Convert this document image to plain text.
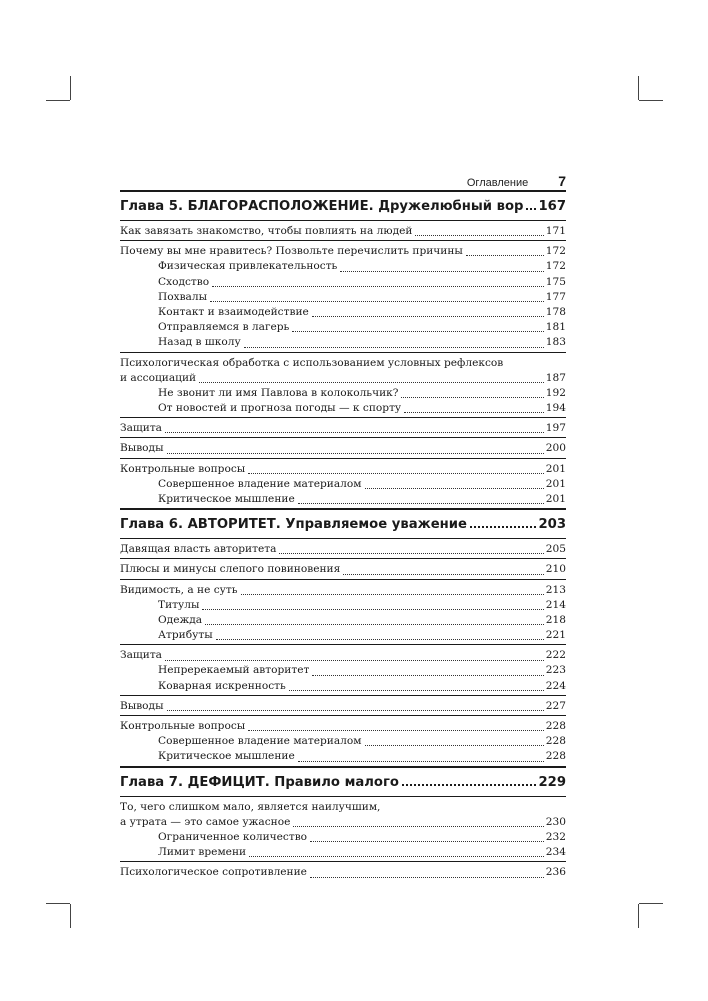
Оглавление 7
Глава 5. БЛАГОРАСПОЛОЖЕНИЕ. Дружелюбный вор 167
Как завязать знакомство, чтобы повлиять на людей	171
Почему вы мне нравитесь? Позвольте перечислить причины	172
Физическая привлекательность	172
Сходство	175
Похвалы	177
Контакт и взаимодействие	178
Отправляемся в лагерь	181
Назад в школу	183
Психологическая обработка с использованием условных рефлексов
и ассоциаций	187
Не звонит ли имя Павлова в колокольчик?	192
От новостей и прогноза погоды — к спорту	194
Защита	197
Выводы	200
Контрольные вопросы	201
Совершенное владение материалом	201
Критическое мышление	201
Глава 6. АВТОРИТЕТ. Управляемое уважение	203
Давящая власть авторитета	205
Плюсы и минусы слепого повиновения	210
Видимость, а не суть	213
Титулы	214
Одежда	218
Атрибуты	221
Защита	222
Непререкаемый авторитет	223
Коварная искренность	224
Выводы	227
Контрольные вопросы	228
Совершенное владение материалом	228
Критическое мышление	228
Глава 7. ДЕФИЦИТ. Правило малого	229
То, чего слишком мало, является наилучшим,
а утрата — это самое ужасное	230
Ограниченное количество	232
Лимит времени	234
Психологическое сопротивление	236
